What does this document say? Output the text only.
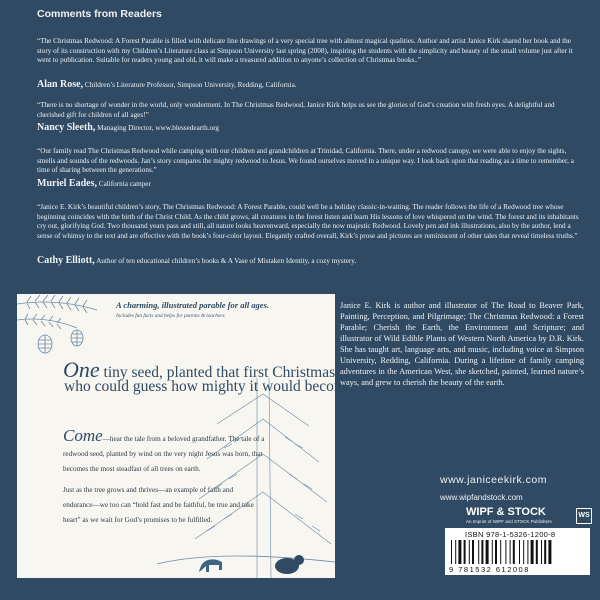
Comments from Readers

“The Christmas Redwood: A Forest Parable is filled with delicate line drawings of a very special tree with almost magical qualities. Author and artist Janice Kirk shared her book and the story of its construction with my Children’s Literature class at Simpson University last spring (2008), inspiring the students with the simplicity and beauty of the small volume just after it went to publication. Suitable for readers young and old, it will make a treasured addition to anyone’s collection of Christmas books..”

Alan Rose, Children’s Literature Professor, Simpson University, Redding, California.

“There is no shortage of wonder in the world, only wonderment. In The Christmas Redwood, Janice Kirk helps us see the glories of God’s creation with fresh eyes. A delightful and cherished gift for children of all ages!”

Nancy Sleeth, Managing Director, www.blessedearth.org

“Our family read The Christmas Redwood while camping with our children and grandchildren at Trinidad, California. There, under a redwood canopy, we were able to enjoy the sights, smells and sounds of the redwoods. Jan’s story compares the mighty redwood to Jesus. We found ourselves moved in a unique way. I look back upon that reading as a time to remember, a time of sharing between the generations.”

Muriel Eades, California camper

“Janice E. Kirk’s beautiful children’s story, The Christmas Redwood: A Forest Parable, could well be a holiday classic-in-waiting. The reader follows the life of a Redwood tree whose beginning coincides with the birth of the Christ Child. As the child grows, all creatures in the forest listen and learn His lessons of love whispered on the wind. The forest and its inhabitants cry out, glorifying God. Two thousand years pass and still, all nature looks heavenward, especially the now majestic Redwood. Lovely pen and ink illustrations, also by the author, lend a sense of whimsy to the text and are effective with the book’s four-color layout. Elegantly crafted overall, Kirk’s prose and pictures are reminiscent of other tales that reveal timeless truths.”

Cathy Elliott, Author of ten educational children’s books & A Vase of Mistaken Identity, a cozy mystery.
A charming, illustrated parable for all ages.
Includes fun facts and helps for parents & teachers.
One tiny seed, planted that first Christmas night…
who could guess how mighty it would become?
Come—hear the tale from a beloved grandfather. The tale of a redwood seed, planted by wind on the very night Jesus was born, that becomes the most steadfast of all trees on earth.
Just as the tree grows and thrives—an example of faith and endurance—we too can “hold fast and be faithful, be true and take heart” as we wait for God’s promises to be fulfilled.

Janice E. Kirk is author and illustrator of The Road to Beaver Park, Painting, Perception, and Pilgrimage; The Christmas Redwood: a Forest Parable; Cherish the Earth, the Environment and Scripture; and illustrator of Wild Edible Plants of Western North America by D.R. Kirk. She has taught art, language arts, and music, including voice at Simpson University, Redding, California. During a lifetime of family camping adventures in the American West, she sketched, painted, learned nature’s ways, and grew to cherish the beauty of the earth.

www.janiceekirk.com
www.wipfandstock.com
WIPF & STOCK
An Imprint of WIPF and STOCK Publishers
WS
ISBN 978-1-5326-1200-8
9 781532 612008
